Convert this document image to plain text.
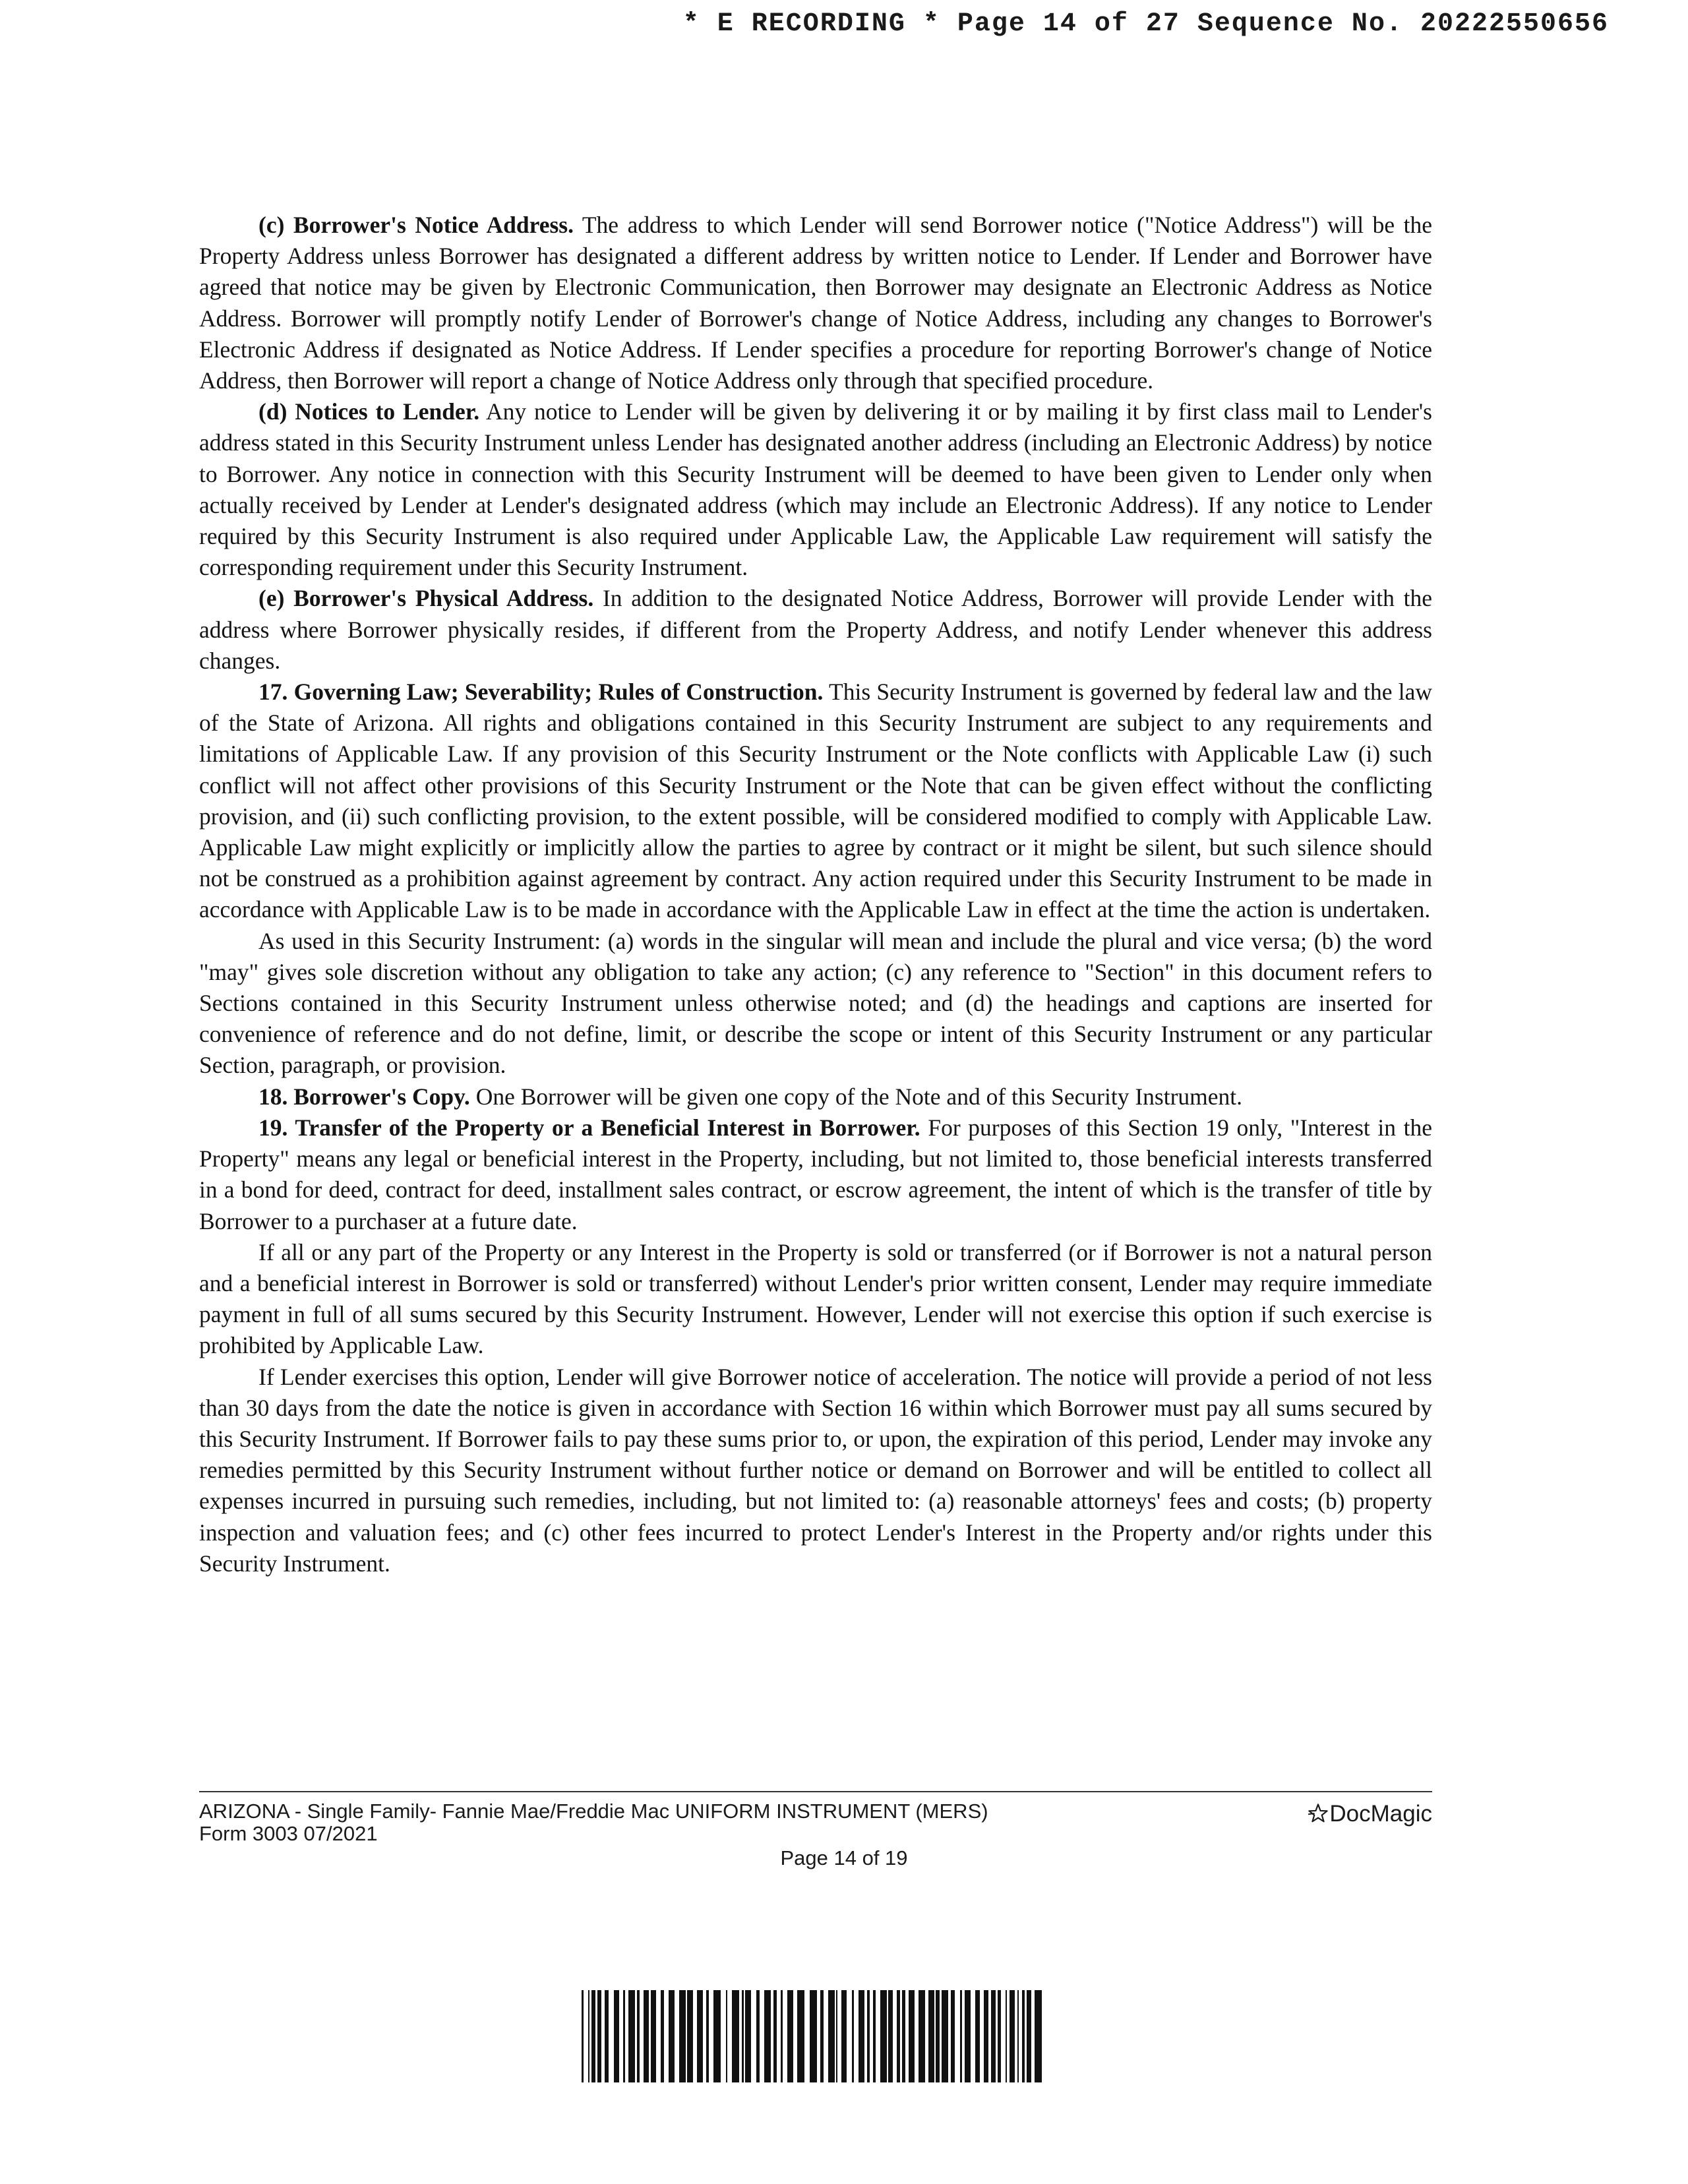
* E RECORDING * Page 14 of 27 Sequence No. 20222550656

(c) Borrower's Notice Address. The address to which Lender will send Borrower notice ("Notice Address") will be the Property Address unless Borrower has designated a different address by written notice to Lender. If Lender and Borrower have agreed that notice may be given by Electronic Communication, then Borrower may designate an Electronic Address as Notice Address. Borrower will promptly notify Lender of Borrower's change of Notice Address, including any changes to Borrower's Electronic Address if designated as Notice Address. If Lender specifies a procedure for reporting Borrower's change of Notice Address, then Borrower will report a change of Notice Address only through that specified procedure.

(d) Notices to Lender. Any notice to Lender will be given by delivering it or by mailing it by first class mail to Lender's address stated in this Security Instrument unless Lender has designated another address (including an Electronic Address) by notice to Borrower. Any notice in connection with this Security Instrument will be deemed to have been given to Lender only when actually received by Lender at Lender's designated address (which may include an Electronic Address). If any notice to Lender required by this Security Instrument is also required under Applicable Law, the Applicable Law requirement will satisfy the corresponding requirement under this Security Instrument.

(e) Borrower's Physical Address. In addition to the designated Notice Address, Borrower will provide Lender with the address where Borrower physically resides, if different from the Property Address, and notify Lender whenever this address changes.

17. Governing Law; Severability; Rules of Construction. This Security Instrument is governed by federal law and the law of the State of Arizona. All rights and obligations contained in this Security Instrument are subject to any requirements and limitations of Applicable Law. If any provision of this Security Instrument or the Note conflicts with Applicable Law (i) such conflict will not affect other provisions of this Security Instrument or the Note that can be given effect without the conflicting provision, and (ii) such conflicting provision, to the extent possible, will be considered modified to comply with Applicable Law. Applicable Law might explicitly or implicitly allow the parties to agree by contract or it might be silent, but such silence should not be construed as a prohibition against agreement by contract. Any action required under this Security Instrument to be made in accordance with Applicable Law is to be made in accordance with the Applicable Law in effect at the time the action is undertaken.

As used in this Security Instrument: (a) words in the singular will mean and include the plural and vice versa; (b) the word "may" gives sole discretion without any obligation to take any action; (c) any reference to "Section" in this document refers to Sections contained in this Security Instrument unless otherwise noted; and (d) the headings and captions are inserted for convenience of reference and do not define, limit, or describe the scope or intent of this Security Instrument or any particular Section, paragraph, or provision.

18. Borrower's Copy. One Borrower will be given one copy of the Note and of this Security Instrument.

19. Transfer of the Property or a Beneficial Interest in Borrower. For purposes of this Section 19 only, "Interest in the Property" means any legal or beneficial interest in the Property, including, but not limited to, those beneficial interests transferred in a bond for deed, contract for deed, installment sales contract, or escrow agreement, the intent of which is the transfer of title by Borrower to a purchaser at a future date.

If all or any part of the Property or any Interest in the Property is sold or transferred (or if Borrower is not a natural person and a beneficial interest in Borrower is sold or transferred) without Lender's prior written consent, Lender may require immediate payment in full of all sums secured by this Security Instrument. However, Lender will not exercise this option if such exercise is prohibited by Applicable Law.

If Lender exercises this option, Lender will give Borrower notice of acceleration. The notice will provide a period of not less than 30 days from the date the notice is given in accordance with Section 16 within which Borrower must pay all sums secured by this Security Instrument. If Borrower fails to pay these sums prior to, or upon, the expiration of this period, Lender may invoke any remedies permitted by this Security Instrument without further notice or demand on Borrower and will be entitled to collect all expenses incurred in pursuing such remedies, including, but not limited to: (a) reasonable attorneys' fees and costs; (b) property inspection and valuation fees; and (c) other fees incurred to protect Lender's Interest in the Property and/or rights under this Security Instrument.

ARIZONA - Single Family- Fannie Mae/Freddie Mac UNIFORM INSTRUMENT (MERS)
Form 3003 07/2021
DocMagic
Page 14 of 19
